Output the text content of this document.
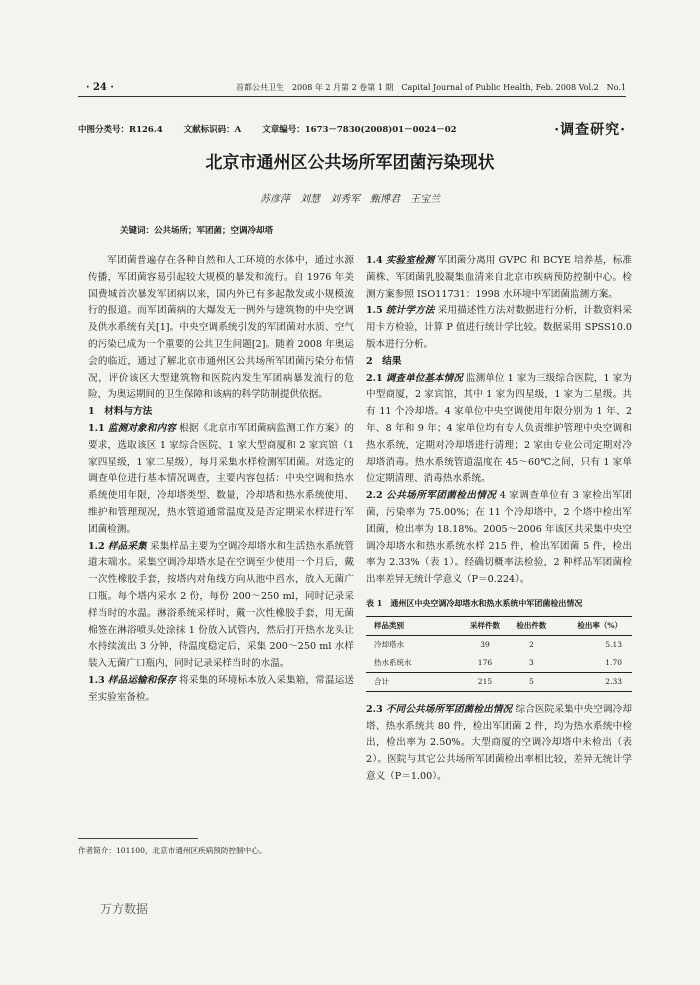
· 24 ·	首都公共卫生　2008 年 2 月第 2 卷第 1 期　Capital Journal of Public Health, Feb. 2008 Vol.2　No.1
中图分类号：R126.4 文献标识码：A 文章编号：1673－7830(2008)01－0024－02	·调查研究·
北京市通州区公共场所军团菌污染现状
苏彦萍　刘慧　刘秀军　甄博君　王宝兰
关键词：公共场所；军团菌；空调冷却塔

军团菌普遍存在各种自然和人工环境的水体中，通过水源传播，军团菌容易引起较大规模的暴发和流行。自 1976 年美国费城首次暴发军团病以来，国内外已有多起散发或小规模流行的报道。而军团菌病的大爆发无一例外与建筑物的中央空调及供水系统有关[1]。中央空调系统引发的军团菌对水质、空气的污染已成为一个重要的公共卫生问题[2]。随着 2008 年奥运会的临近，通过了解北京市通州区公共场所军团菌污染分布情况，评价该区大型建筑物和医院内发生军团病暴发流行的危险，为奥运期间的卫生保障和该病的科学防制提供依据。

1　材料与方法

1.1 监测对象和内容 根据《北京市军团菌病监测工作方案》的要求，选取该区 1 家综合医院、1 家大型商厦和 2 家宾馆（1 家四星级，1 家二星级），每月采集水样检测军团菌。对选定的调查单位进行基本情况调查，主要内容包括：中央空调和热水系统使用年限，冷却塔类型、数量，冷却塔和热水系统使用、维护和管理现况，热水管道通常温度及是否定期采水样进行军团菌检测。

1.2 样品采集 采集样品主要为空调冷却塔水和生活热水系统管道末端水。采集空调冷却塔水是在空调至少使用一个月后，戴一次性橡胶手套，按塔内对角线方向从池中舀水，放入无菌广口瓶。每个塔内采水 2 份，每份 200～250 ml，同时记录采样当时的水温。淋浴系统采样时，戴一次性橡胶手套，用无菌棉签在淋浴喷头处涂抹 1 份放入试管内，然后打开热水龙头让水持续流出 3 分钟，待温度稳定后，采集 200～250 ml 水样装入无菌广口瓶内，同时记录采样当时的水温。

1.3 样品运输和保存 将采集的环境标本放入采集箱，常温运送至实验室备检。

1.4 实验室检测 军团菌分离用 GVPC 和 BCYE 培养基，标准菌株、军团菌乳胶凝集血清来自北京市疾病预防控制中心。检测方案参照 ISO11731：1998 水环境中军团菌监测方案。

1.5 统计学方法 采用描述性方法对数据进行分析，计数资料采用卡方检验，计算 P 值进行统计学比较。数据采用 SPSS10.0 版本进行分析。

2　结果

2.1 调查单位基本情况 监测单位 1 家为三级综合医院，1 家为中型商厦，2 家宾馆，其中 1 家为四星级，1 家为二星级。共有 11 个冷却塔。4 家单位中央空调使用年限分别为 1 年、2 年、8 年和 9 年；4 家单位均有专人负责维护管理中央空调和热水系统，定期对冷却塔进行清理；2 家由专业公司定期对冷却塔消毒。热水系统管道温度在 45～60℃之间，只有 1 家单位定期清理、消毒热水系统。

2.2 公共场所军团菌检出情况 4 家调查单位有 3 家检出军团菌，污染率为 75.00%；在 11 个冷却塔中，2 个塔中检出军团菌，检出率为 18.18%。2005～2006 年该区共采集中央空调冷却塔水和热水系统水样 215 件，检出军团菌 5 件，检出率为 2.33%（表 1）。经确切概率法检验，2 种样品军团菌检出率差异无统计学意义（P＝0.224）。

表 1　通州区中央空调冷却塔水和热水系统中军团菌检出情况
样品类别	采样件数	检出件数	检出率（%）
冷却塔水	39	2	5.13
热水系统水	176	3	1.70
合计	215	5	2.33

2.3 不同公共场所军团菌检出情况 综合医院采集中央空调冷却塔、热水系统共 80 件，检出军团菌 2 件，均为热水系统中检出，检出率为 2.50%。大型商厦的空调冷却塔中未检出（表 2）。医院与其它公共场所军团菌检出率相比较，差异无统计学意义（P＝1.00）。

作者简介：101100，北京市通州区疾病预防控制中心。
万方数据
